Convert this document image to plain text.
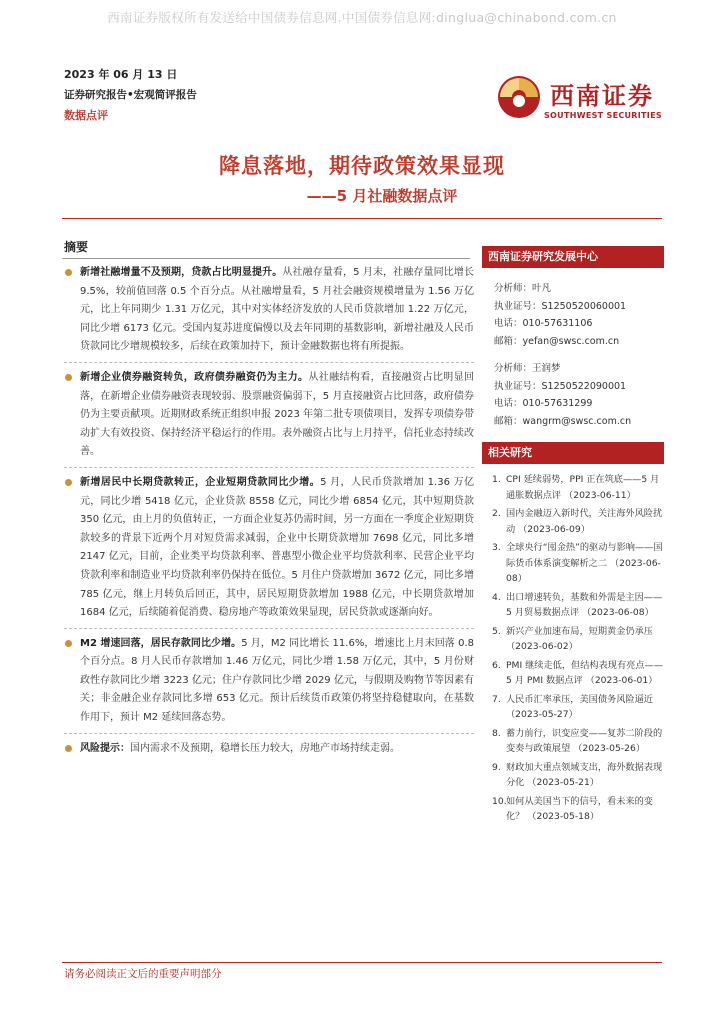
西南证券版权所有发送给中国债券信息网.中国债券信息网:dinglua@chinabond.com.cn
2023 年 06 月 13 日
证券研究报告•宏观简评报告
数据点评
西南证券
SOUTHWEST SECURITIES
降息落地，期待政策效果显现
——5 月社融数据点评
摘要
新增社融增量不及预期，贷款占比明显提升。从社融存量看，5 月末，社融存量同比增长 9.5%，较前值回落 0.5 个百分点。从社融增量看，5 月社会融资规模增量为 1.56 万亿元，比上年同期少 1.31 万亿元，其中对实体经济发放的人民币贷款增加 1.22 万亿元，同比少增 6173 亿元。受国内复苏进度偏慢以及去年同期的基数影响，新增社融及人民币贷款同比少增规模较多，后续在政策加持下，预计金融数据也将有所提振。
新增企业债券融资转负，政府债券融资仍为主力。从社融结构看，直接融资占比明显回落，在新增企业债券融资表现较弱、股票融资偏弱下，5 月直接融资占比回落，政府债券仍为主要贡献项。近期财政系统正组织申报 2023 年第二批专项债项目，发挥专项债券带动扩大有效投资、保持经济平稳运行的作用。表外融资占比与上月持平，信托业态持续改善。
新增居民中长期贷款转正，企业短期贷款同比少增。5 月，人民币贷款增加 1.36 万亿元，同比少增 5418 亿元，企业贷款 8558 亿元，同比少增 6854 亿元，其中短期贷款 350 亿元，由上月的负值转正，一方面企业复苏仍需时间，另一方面在一季度企业短期贷款较多的背景下近两个月对短贷需求减弱，企业中长期贷款增加 7698 亿元，同比多增 2147 亿元，目前，企业类平均贷款利率、普惠型小微企业平均贷款利率、民营企业平均贷款利率和制造业平均贷款利率仍保持在低位。5 月住户贷款增加 3672 亿元，同比多增 785 亿元，继上月转负后回正，其中，居民短期贷款增加 1988 亿元，中长期贷款增加 1684 亿元，后续随着促消费、稳房地产等政策效果显现，居民贷款或逐渐向好。
M2 增速回落，居民存款同比少增。5 月，M2 同比增长 11.6%，增速比上月末回落 0.8 个百分点。8 月人民币存款增加 1.46 万亿元，同比少增 1.58 万亿元，其中，5 月份财政性存款同比少增 3223 亿元；住户存款同比少增 2029 亿元，与假期及购物节等因素有关；非金融企业存款同比多增 653 亿元。预计后续货币政策仍将坚持稳健取向，在基数作用下，预计 M2 延续回落态势。
风险提示：国内需求不及预期，稳增长压力较大，房地产市场持续走弱。
西南证券研究发展中心
分析师：叶凡
执业证号：S1250520060001
电话：010-57631106
邮箱：yefan@swsc.com.cn
分析师：王润梦
执业证号：S1250522090001
电话：010-57631299
邮箱：wangrm@swsc.com.cn
相关研究
1. CPI 延续弱势，PPI 正在筑底——5 月通胀数据点评 （2023-06-11）
2. 国内金融迈入新时代，关注海外风险扰动 （2023-06-09）
3. 全球央行“囤金热”的驱动与影响——国际货币体系演变解析之二 （2023-06-08）
4. 出口增速转负，基数和外需是主因——5 月贸易数据点评 （2023-06-08）
5. 新兴产业加速布局，短期黄金仍承压 （2023-06-02）
6. PMI 继续走低，但结构表现有亮点——5 月 PMI 数据点评 （2023-06-01）
7. 人民币汇率承压，美国债务风险逼近 （2023-05-27）
8. 蓄力前行，识变应变——复苏二阶段的变奏与政策展望 （2023-05-26）
9. 财政加大重点领域支出，海外数据表现分化 （2023-05-21）
10. 如何从美国当下的信号，看未来的变化？ （2023-05-18）
请务必阅读正文后的重要声明部分
